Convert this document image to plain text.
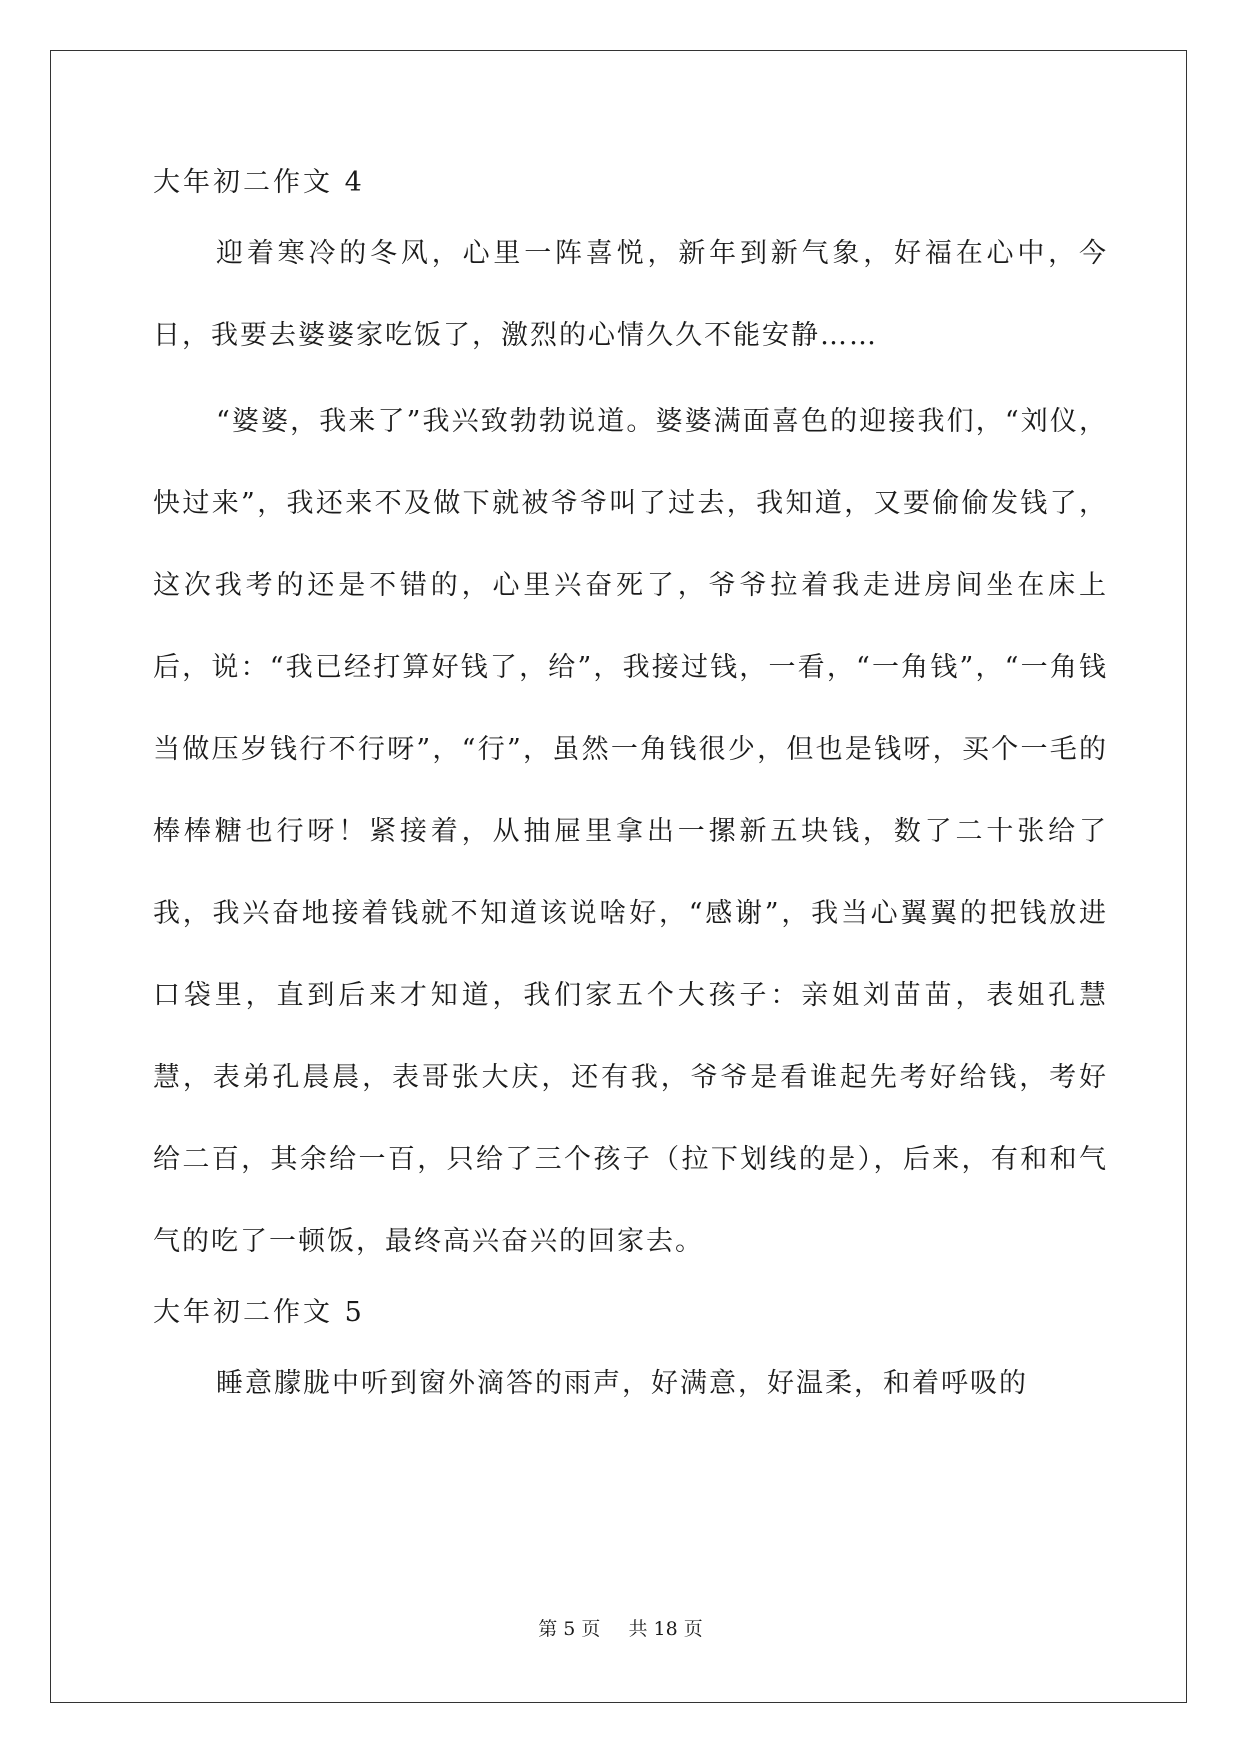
大年初二作文 4

迎着寒冷的冬风，心里一阵喜悦，新年到新气象，好福在心中，今日，我要去婆婆家吃饭了，激烈的心情久久不能安静……

“婆婆，我来了”我兴致勃勃说道。婆婆满面喜色的迎接我们，“刘仪，快过来”，我还来不及做下就被爷爷叫了过去，我知道，又要偷偷发钱了，这次我考的还是不错的，心里兴奋死了，爷爷拉着我走进房间坐在床上后，说：“我已经打算好钱了，给”，我接过钱，一看，“一角钱”，“一角钱当做压岁钱行不行呀”，“行”，虽然一角钱很少，但也是钱呀，买个一毛的棒棒糖也行呀！紧接着，从抽屉里拿出一摞新五块钱，数了二十张给了我，我兴奋地接着钱就不知道该说啥好，“感谢”，我当心翼翼的把钱放进口袋里，直到后来才知道，我们家五个大孩子：亲姐刘苗苗，表姐孔慧慧，表弟孔晨晨，表哥张大庆，还有我，爷爷是看谁起先考好给钱，考好给二百，其余给一百，只给了三个孩子（拉下划线的是），后来，有和和气气的吃了一顿饭，最终高兴奋兴的回家去。

大年初二作文 5

睡意朦胧中听到窗外滴答的雨声，好满意，好温柔，和着呼吸的

第 5 页 共 18 页
